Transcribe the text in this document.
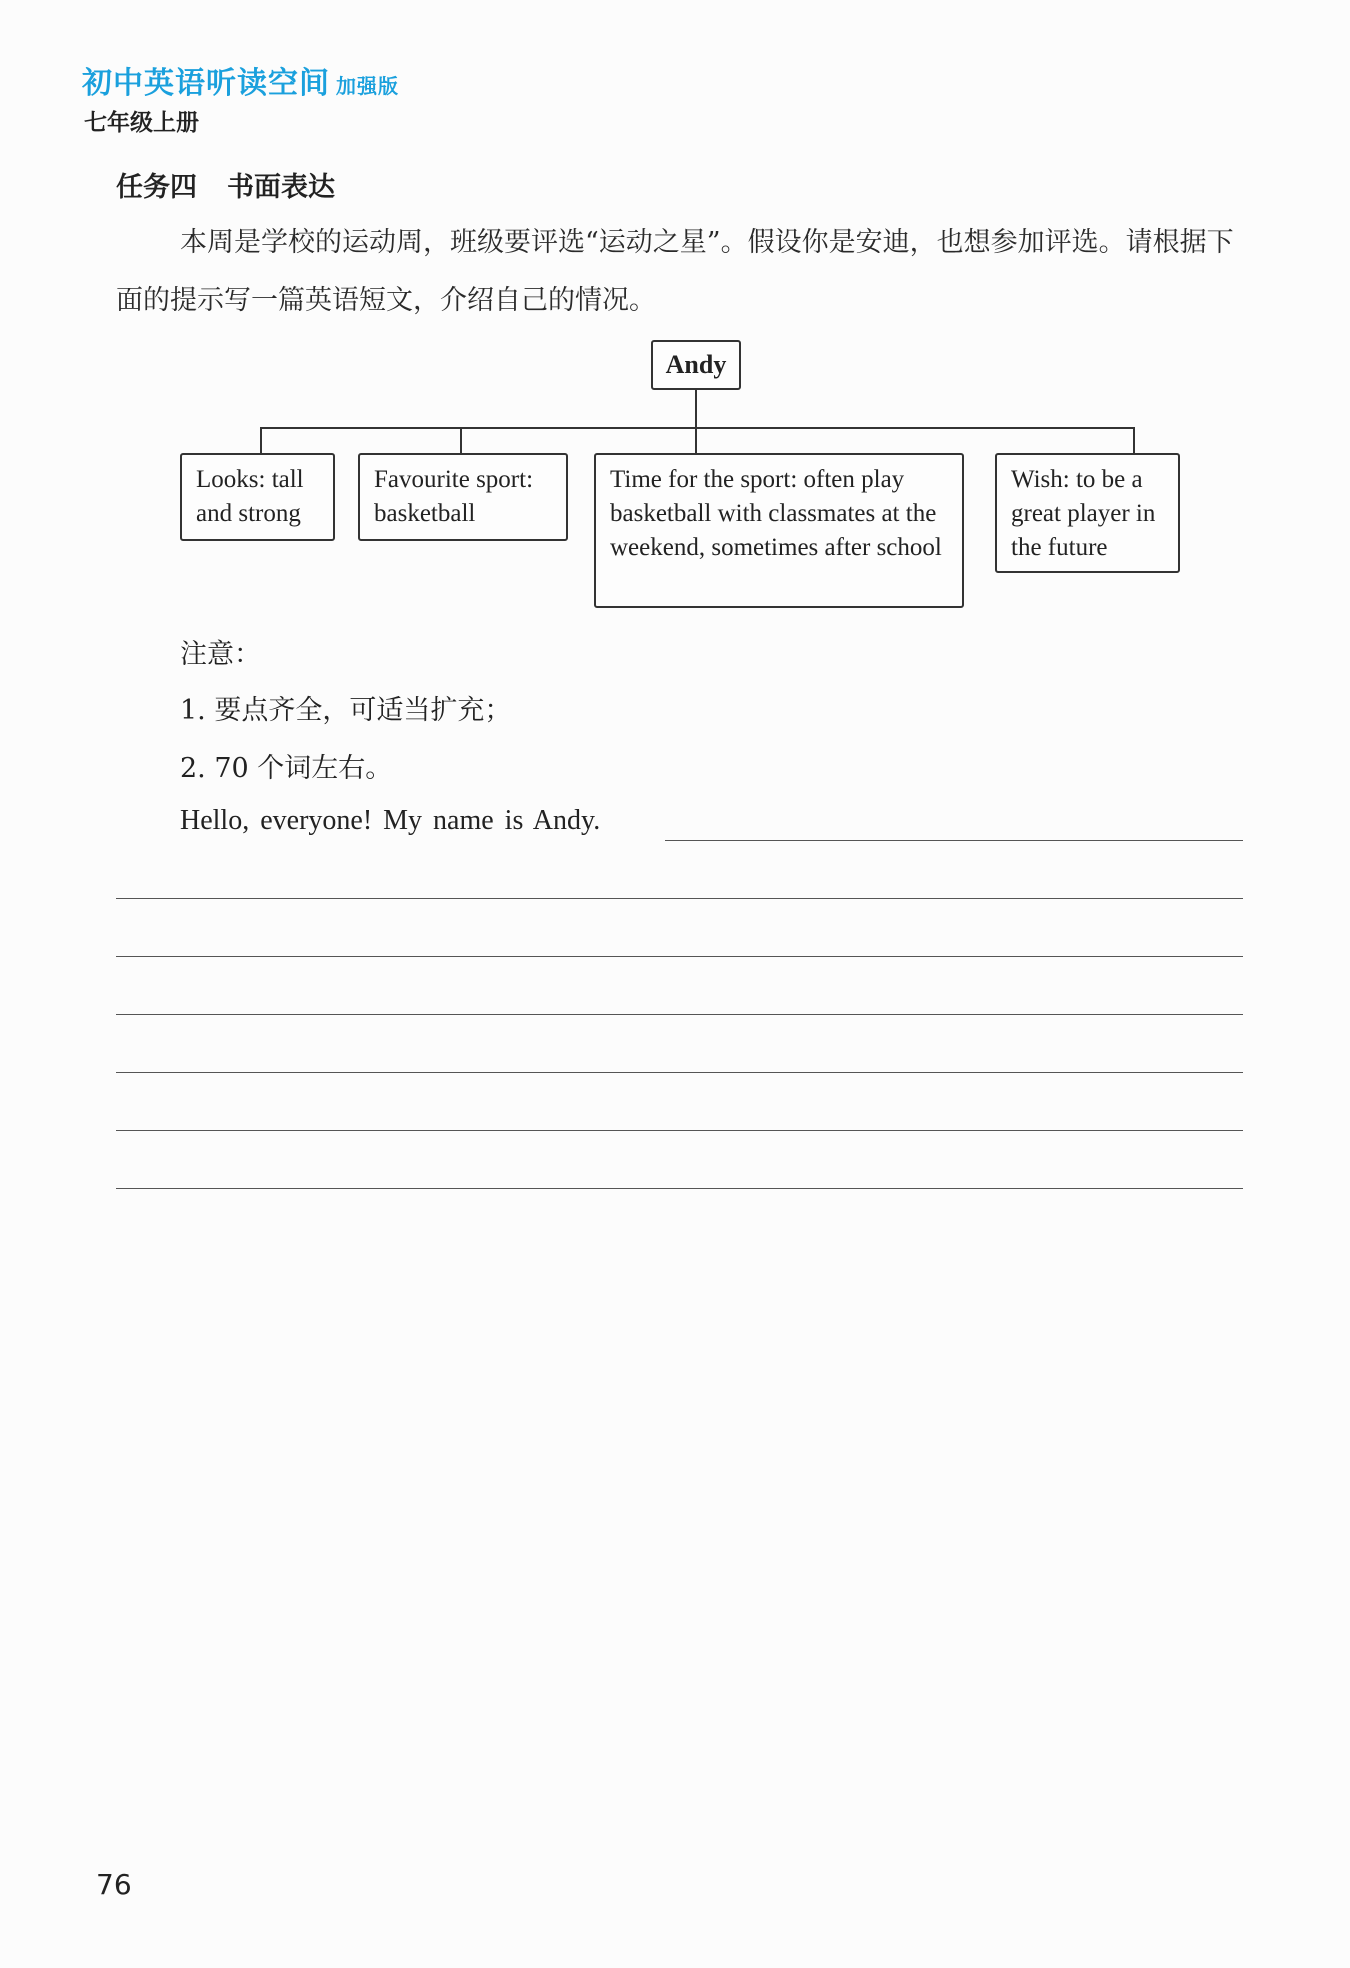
初中英语听读空间 加强版
七年级上册
任务四 书面表达
本周是学校的运动周，班级要评选“运动之星”。假设你是安迪，也想参加评选。请根据下面的提示写一篇英语短文，介绍自己的情况。
Andy
Looks: tall and strong
Favourite sport: basketball
Time for the sport: often play basketball with classmates at the weekend, sometimes after school
Wish: to be a great player in the future
注意：
1. 要点齐全，可适当扩充；
2. 70 个词左右。
Hello, everyone! My name is Andy.
76
